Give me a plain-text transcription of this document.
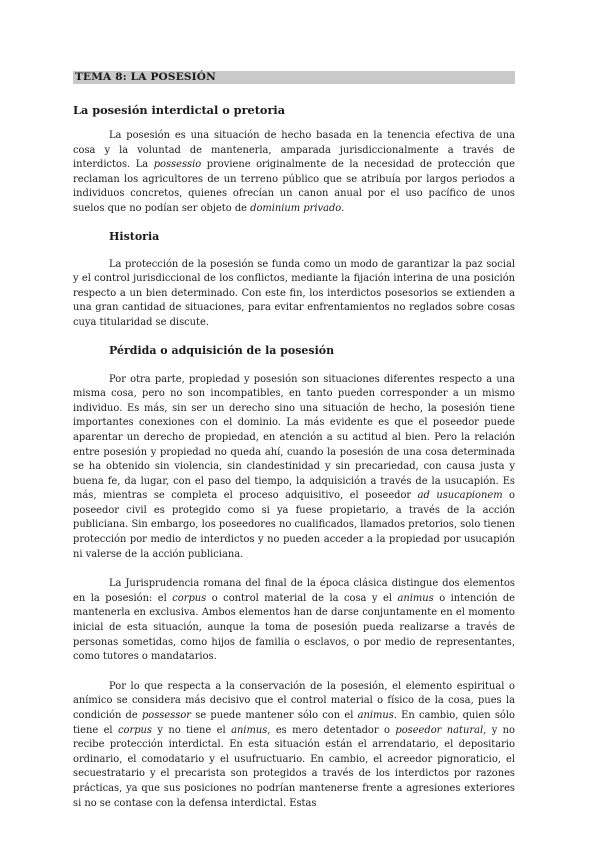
TEMA 8: LA POSESIÓN
La posesión interdictal o pretoria

La posesión es una situación de hecho basada en la tenencia efectiva de una cosa y la voluntad de mantenerla, amparada jurisdiccionalmente a través de interdictos. La possessio proviene originalmente de la necesidad de protección que reclaman los agricultores de un terreno público que se atribuía por largos periodos a individuos concretos, quienes ofrecían un canon anual por el uso pacífico de unos suelos que no podían ser objeto de dominium privado.

Historia

La protección de la posesión se funda como un modo de garantizar la paz social y el control jurisdiccional de los conflictos, mediante la fijación interina de una posición respecto a un bien determinado. Con este fin, los interdictos posesorios se extienden a una gran cantidad de situaciones, para evitar enfrentamientos no reglados sobre cosas cuya titularidad se discute.

Pérdida o adquisición de la posesión

Por otra parte, propiedad y posesión son situaciones diferentes respecto a una misma cosa, pero no son incompatibles, en tanto pueden corresponder a un mismo individuo. Es más, sin ser un derecho sino una situación de hecho, la posesión tiene importantes conexiones con el dominio. La más evidente es que el poseedor puede aparentar un derecho de propiedad, en atención a su actitud al bien. Pero la relación entre posesión y propiedad no queda ahí, cuando la posesión de una cosa determinada se ha obtenido sin violencia, sin clandestinidad y sin precariedad, con causa justa y buena fe, da lugar, con el paso del tiempo, la adquisición a través de la usucapión. Es más, mientras se completa el proceso adquisitivo, el poseedor ad usucapionem o poseedor civil es protegido como si ya fuese propietario, a través de la acción publiciana. Sin embargo, los poseedores no cualificados, llamados pretorios, solo tienen protección por medio de interdictos y no pueden acceder a la propiedad por usucapión ni valerse de la acción publiciana.

La Jurisprudencia romana del final de la época clásica distingue dos elementos en la posesión: el corpus o control material de la cosa y el animus o intención de mantenerla en exclusiva. Ambos elementos han de darse conjuntamente en el momento inicial de esta situación, aunque la toma de posesión pueda realizarse a través de personas sometidas, como hijos de familia o esclavos, o por medio de representantes, como tutores o mandatarios.

Por lo que respecta a la conservación de la posesión, el elemento espiritual o anímico se considera más decisivo que el control material o físico de la cosa, pues la condición de possessor se puede mantener sólo con el animus. En cambio, quien sólo tiene el corpus y no tiene el animus, es mero detentador o poseedor natural, y no recibe protección interdictal. En esta situación están el arrendatario, el depositario ordinario, el comodatario y el usufructuario. En cambio, el acreedor pignoraticio, el secuestratario y el precarista son protegidos a través de los interdictos por razones prácticas, ya que sus posiciones no podrían mantenerse frente a agresiones exteriores si no se contase con la defensa interdictal. Estas
